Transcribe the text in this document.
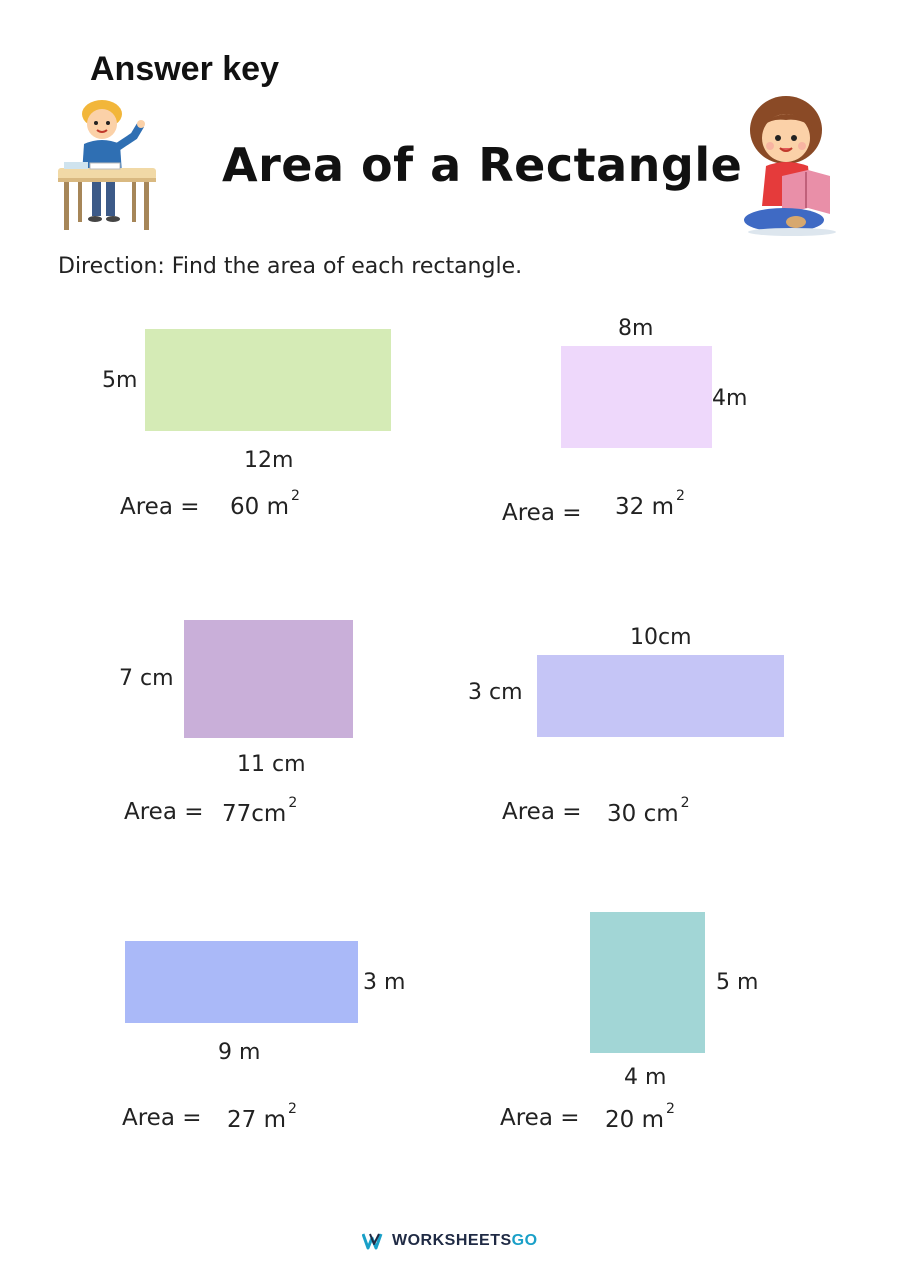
Answer key
Area of a Rectangle
Direction: Find the area of each rectangle.
5m
12m
Area = 60 m $^2$
8m
4m
Area = 32 m $^2$
7 cm
11 cm
Area = 77cm $^2$
10cm
3 cm
Area = 30 cm $^2$
3 m
9 m
Area = 27 m $^2$
5 m
4 m
Area = 20 m $^2$
WORKSHEETSGO
